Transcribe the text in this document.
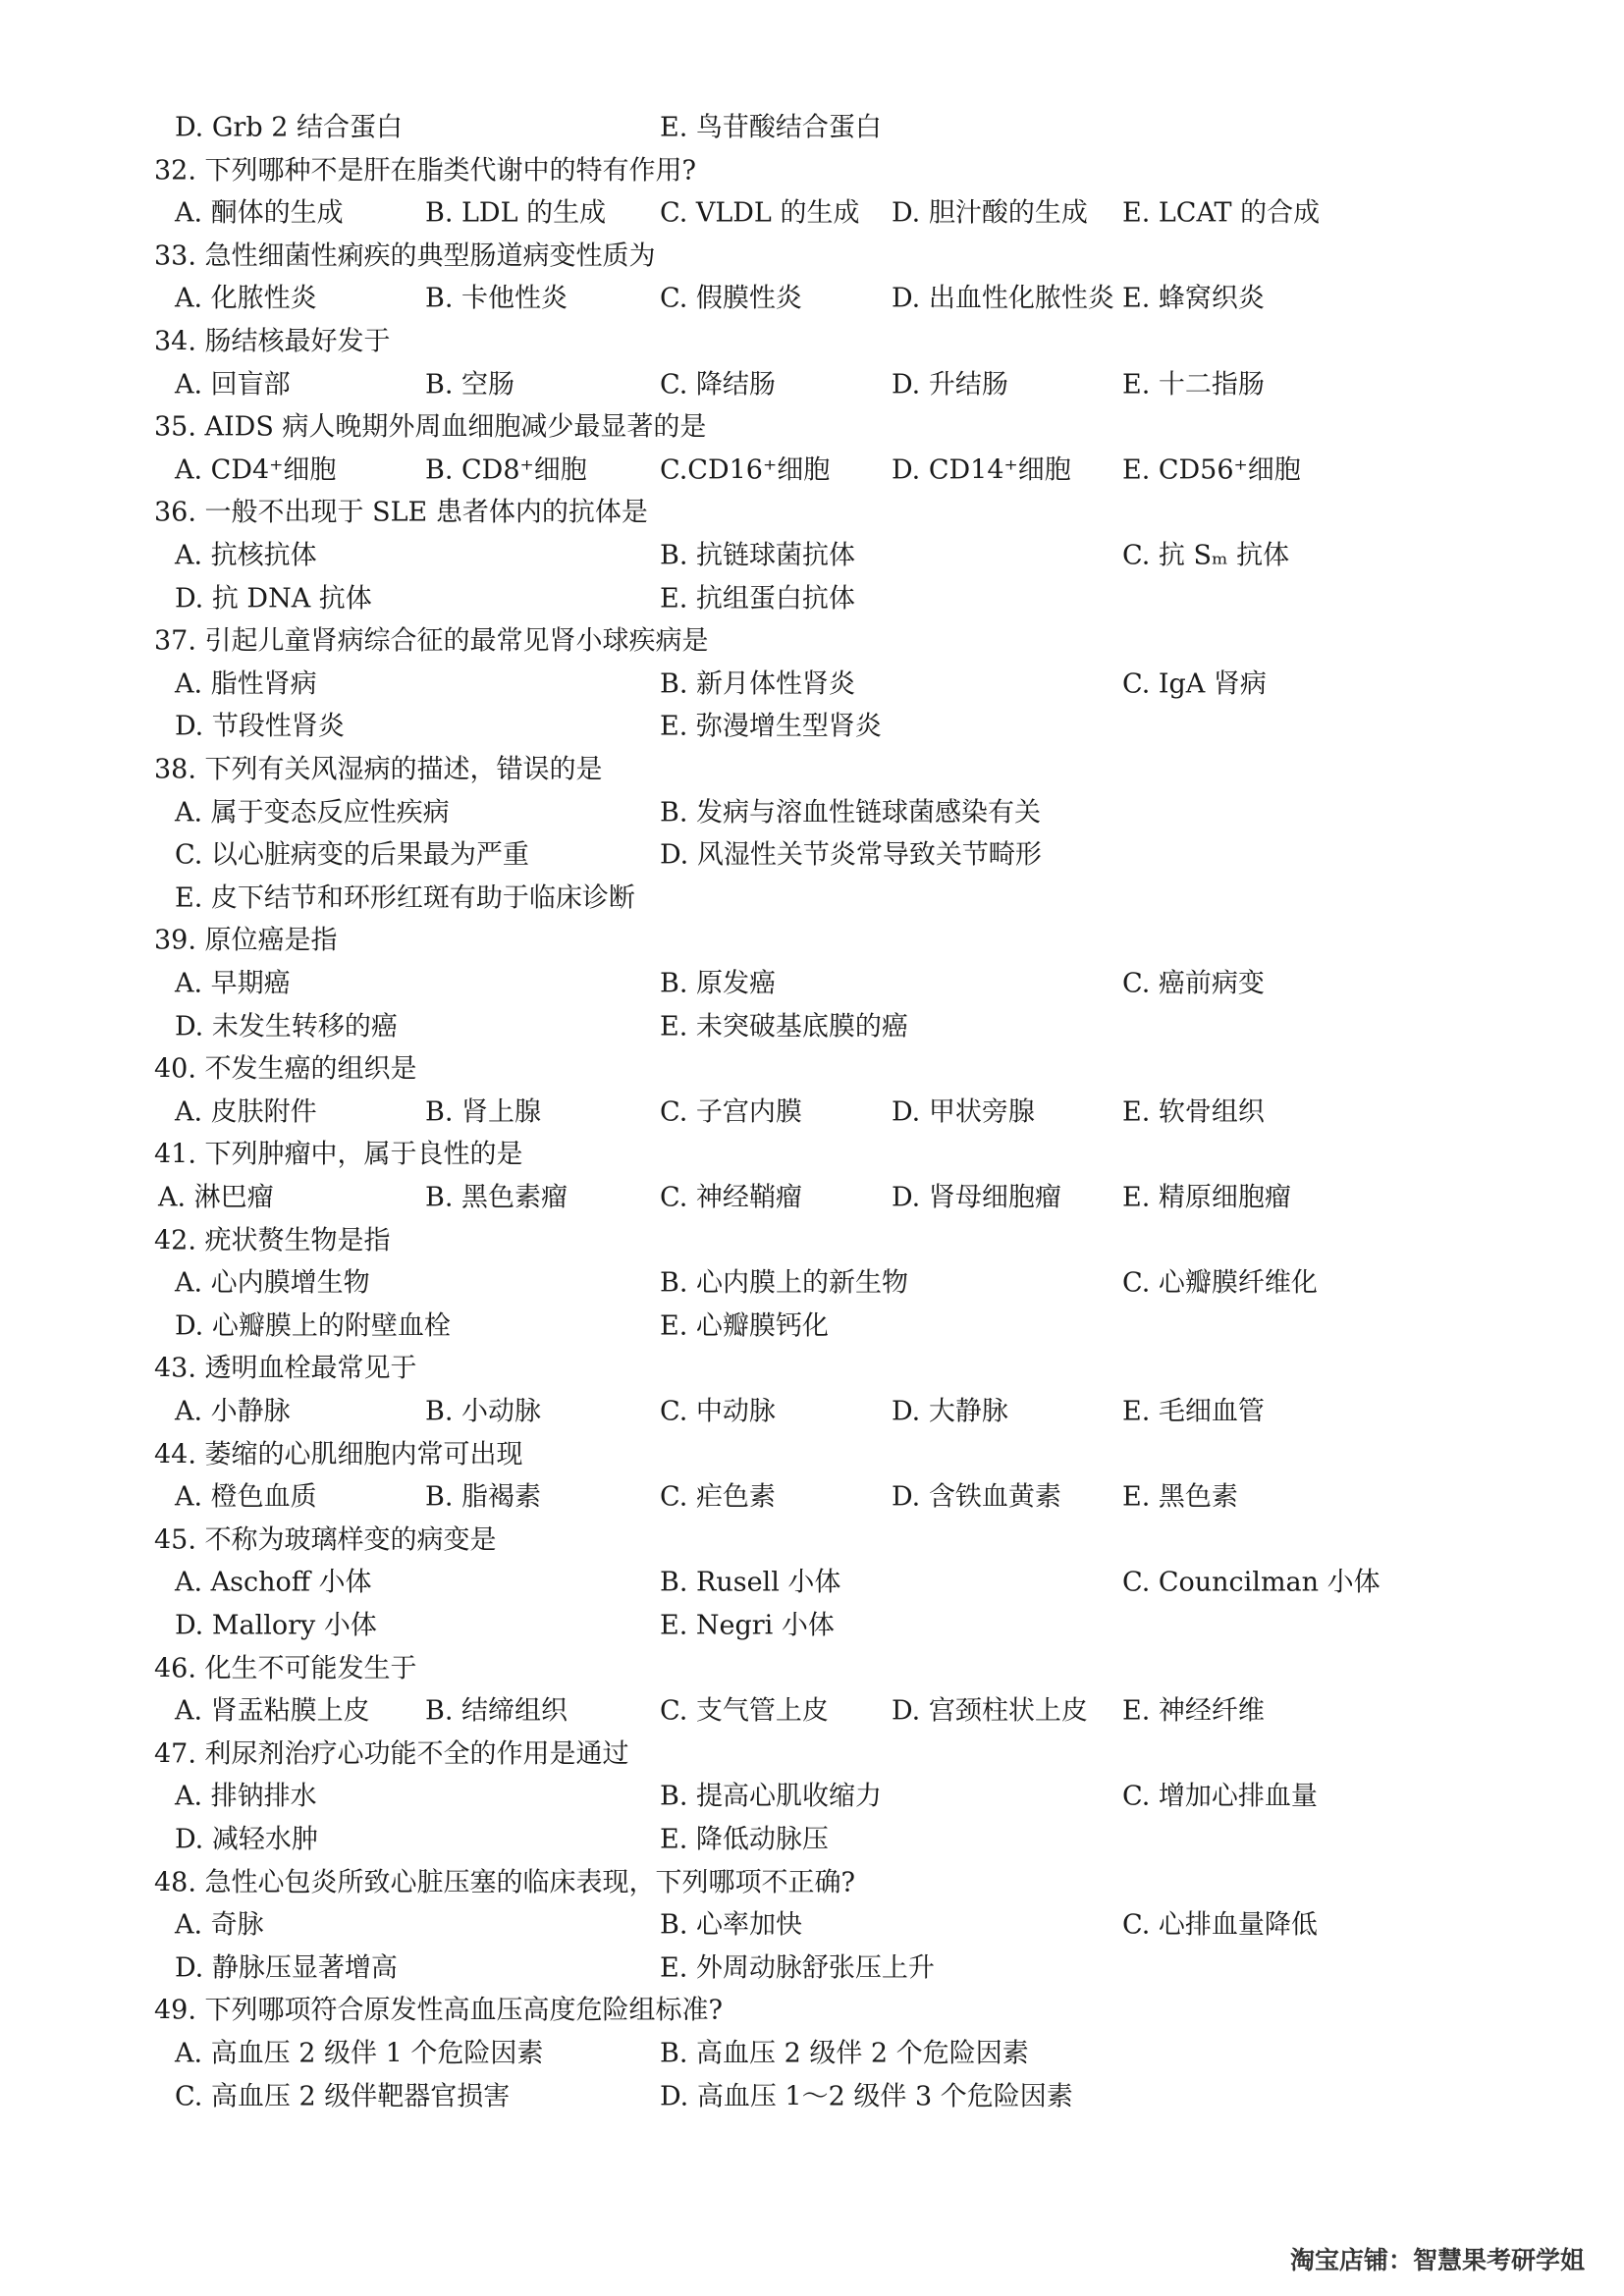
D. Grb 2 结合蛋白	E. 鸟苷酸结合蛋白
32. 下列哪种不是肝在脂类代谢中的特有作用?
A. 酮体的生成	B. LDL 的生成 C. VLDL 的生成 D. 胆汁酸的生成 E. LCAT 的合成
33. 急性细菌性痢疾的典型肠道病变性质为
A. 化脓性炎	B. 卡他性炎	C. 假膜性炎	D. 出血性化脓性炎 E. 蜂窝织炎
34. 肠结核最好发于
A. 回盲部	B. 空肠	C. 降结肠	D. 升结肠	E. 十二指肠
35. AIDS 病人晚期外周血细胞减少最显著的是
A. CD4⁺细胞	B. CD8⁺细胞	C.CD16⁺细胞 D. CD14⁺细胞 E. CD56⁺细胞
36. 一般不出现于 SLE 患者体内的抗体是
A. 抗核抗体	B. 抗链球菌抗体	C. 抗 Sₘ 抗体
D. 抗 DNA 抗体	E. 抗组蛋白抗体
37. 引起儿童肾病综合征的最常见肾小球疾病是
A. 脂性肾病	B. 新月体性肾炎	C. IgA 肾病
D. 节段性肾炎	E. 弥漫增生型肾炎
38. 下列有关风湿病的描述，错误的是
A. 属于变态反应性疾病	B. 发病与溶血性链球菌感染有关
C. 以心脏病变的后果最为严重	D. 风湿性关节炎常导致关节畸形
E. 皮下结节和环形红斑有助于临床诊断
39. 原位癌是指
A. 早期癌	B. 原发癌	C. 癌前病变
D. 未发生转移的癌	E. 未突破基底膜的癌
40. 不发生癌的组织是
A. 皮肤附件	B. 肾上腺	C. 子宫内膜	D. 甲状旁腺	E. 软骨组织
41. 下列肿瘤中，属于良性的是
A. 淋巴瘤	B. 黑色素瘤	C. 神经鞘瘤	D. 肾母细胞瘤 E. 精原细胞瘤
42. 疣状赘生物是指
A. 心内膜增生物	B. 心内膜上的新生物	C. 心瓣膜纤维化
D. 心瓣膜上的附壁血栓	E. 心瓣膜钙化
43. 透明血栓最常见于
A. 小静脉	B. 小动脉	C. 中动脉	D. 大静脉	E. 毛细血管
44. 萎缩的心肌细胞内常可出现
A. 橙色血质	B. 脂褐素	C. 疟色素	D. 含铁血黄素 E. 黑色素
45. 不称为玻璃样变的病变是
A. Aschoff 小体	B. Rusell 小体	C. Councilman 小体
D. Mallory 小体	E. Negri 小体
46. 化生不可能发生于
A. 肾盂粘膜上皮 B. 结缔组织	C. 支气管上皮 D. 宫颈柱状上皮 E. 神经纤维
47. 利尿剂治疗心功能不全的作用是通过
A. 排钠排水	B. 提高心肌收缩力	C. 增加心排血量
D. 减轻水肿	E. 降低动脉压
48. 急性心包炎所致心脏压塞的临床表现，下列哪项不正确?
A. 奇脉	B. 心率加快	C. 心排血量降低
D. 静脉压显著增高	E. 外周动脉舒张压上升
49. 下列哪项符合原发性高血压高度危险组标准?
A. 高血压 2 级伴 1 个危险因素	B. 高血压 2 级伴 2 个危险因素
C. 高血压 2 级伴靶器官损害	D. 高血压 1～2 级伴 3 个危险因素
淘宝店铺：智慧果考研学姐
